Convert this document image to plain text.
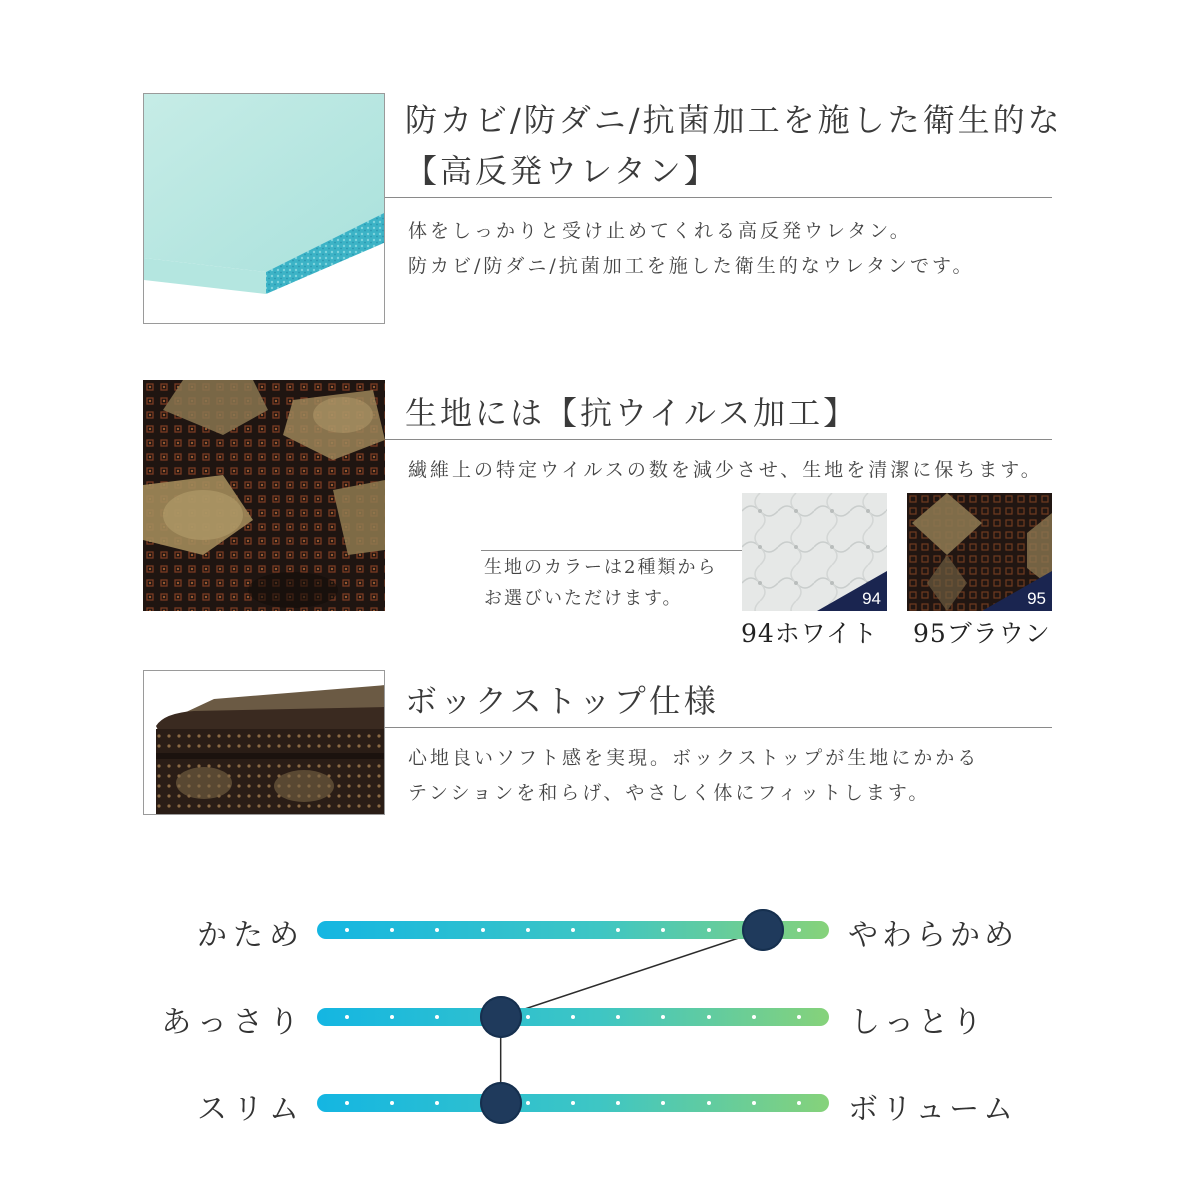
防カビ/防ダニ/抗菌加工を施した衛生的な
【高反発ウレタン】
体をしっかりと受け止めてくれる高反発ウレタン。
防カビ/防ダニ/抗菌加工を施した衛生的なウレタンです。
生地には【抗ウイルス加工】
繊維上の特定ウイルスの数を減少させ、生地を清潔に保ちます。
生地のカラーは2種類から
お選びいただけます。	94
94ホワイト
95
95ブラウン
ボックストップ仕様
心地良いソフト感を実現。ボックストップが生地にかかる
テンションを和らげ、やさしく体にフィットします。
かため	やわらかめ
あっさり	しっとり
スリム	ボリューム
